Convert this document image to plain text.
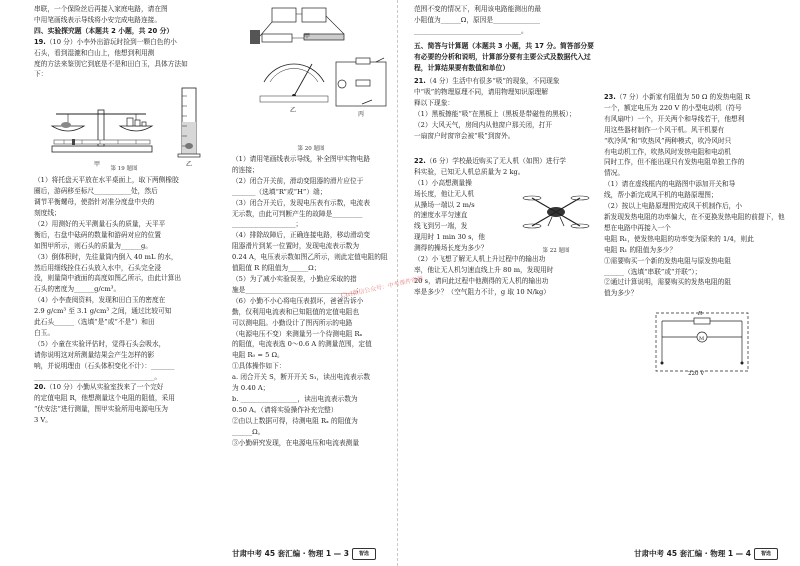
串联，一个保险丝后再接入家庭电路，请在图

中用笔画线表示导线将小安完成电路连接。

四、实验探究题（本题共 2 小题，共 20 分）

19.（10 分）小李外出游玩时捡到一颗白色的小

石头，看到湿漉和白山上，他想到利用测

度的方法来鉴别它到底是不是和田白玉，具体方法如

下：

甲	乙
第 19 题图

（1）将托盘天平放在水平桌面上，取下两侧橡胶

圈后，游码移至标尺___________处，然后

调节平衡螺母，使指针对准分度盘中央的

刻度线；

（2）用测好的天平测量石头的质量，天平平

衡后，右盘中砝码的数量和游码对应的位置

如图甲所示，则石头的质量为______g。

（3）倒体积时，先往量筒内倒入 40 mL 的水，

然后用细线拴住石头放入水中，石头完全浸

没，则量筒中液面的高度如图乙所示，由此计算出

石头的密度为______g/cm³。

（4）小李查阅资料，发现和田白玉的密度在

2.9 g/cm³ 至 3.1 g/cm³ 之间，通过比较可知

此石头______（选填“是”或“不是”）和田

白玉。

（5）小童在实验评估时，觉得石头会吸水，

请你说明这对所测量结果会产生怎样的影

响，并说明理由（石头体积变化不计）：_______

____________________________________。

20.（10 分）小勤从实验室找来了一个完好

的定值电阻 R，他想测量这个电阻的阻值，采用

“伏安法”进行测量，图甲实验所用电源电压为

3 V。

甲
乙
丙
第 20 题图

（1）请用笔画线表示导线，补全图甲实物电路

的连接；

（2）闭合开关前，滑动变阻器的滑片应位于

_______（选填“R”或“H”）端；

（3）闭合开关后，发现电压表有示数，电流表

无示数，由此可判断产生的故障是_________

___________________；

（4）排除故障后，正确连接电路，移动滑动变

阻器滑片到某一位置时，发现电流表示数为

0.24 A，电压表示数如图乙所示，则此定值电阻的阻

值阻值 R 的阻值为______Ω；

（5）为了减小实验误差，小勤应采取的措

施是_________________________________；

（6）小勤不小心将电压表损坏，爸爸告诉小

勤，仅利用电流表和已知阻值的定值电阻也

可以测电阻。小勤设计了图丙所示的电路

（电源电压不变）来测量另一个待测电阻 Rₓ

的阻值，电流表选 0～0.6 A 的测量范围，定值

电阻 R₀ = 5 Ω。

①具体操作如下：

a. 闭合开关 S，断开开关 S₁，读出电流表示数

为 0.40 A；

b. _________________，读出电流表示数为

0.50 A。（请将实验操作补充完整）

②由以上数据可得，待测电阻 Rₓ 的阻值为

______Ω。

③小勤研究发现，在电源电压和电流表测量

甘肃中考 45 套汇编 · 物理 1 — 3 智选

范围不变的情况下，利用该电路能测出的最

小阻值为______Ω，原因是______________

________________________________。

五、简答与计算题（本题共 3 小题，共 17 分。简答部分要有必要的分析和说明，计算部分要有主要公式及数据代入过程，计算结果要有数值和单位）

21.（4 分）生活中有很多“吸”的现象，不同现象

中“吸”的物理原理不同，请用物理知识原理解

释以下现象：

（1）黑板擦能“吸”在黑板上（黑板是带磁性的黑板）；

（2）大风天气，房间内从他窗户那关闭，打开

一扇窗户时窗帘会被“吸”到窗外。

22.（6 分）学校最近购买了无人机（如图）进行学

科实验，已知无人机总质量为 2 kg。

（1）小高想测量操

场长度，他让无人机

从操场一端以 2 m/s

的速度水平匀速直

线飞到另一端，发

现用时 1 min 30 s，他

测得的操场长度为多少？	第 22 题图

（2）小飞想了解无人机上升过程中的输出功

率，他让无人机匀速直线上升 80 m，发现用时

20 s，请问此过程中他测得的无人机的输出功

率是多少？（空气阻力不计，g 取 10 N/kg）

23.（7 分）小新家有阻值为 50 Ω 的发热电阻 R

一个，额定电压为 220 V 的小型电动机（符号

有风扇叶）一个，开关两个和导线若干，他想利

用这些器材制作一个风干机。风干机要有

“吹冷风”和“吹热风”两种模式，吹冷风时只

有电动机工作，吹热风时发热电阻和电动机

同时工作，但不能出现只有发热电阻单独工作的

情况。

（1）请在虚线框内的电路图中添加开关和导

线，帮小新完成风干机的电路原理图；

（2）按以上电路原理图完成风干机制作后，小

新发现发热电阻的功率偏大，在不更换发热电阻的前提下，他想在电路中再接入一个

电阻 R₁，使发热电阻的功率变为原来的 1/4，则此

电阻 R₁ 的阻值为多少？

①需要购买一个新的发热电阻与原发热电阻

______（选填“串联”或“并联”）；

②通过计算说明，需要购买的发热电阻的阻

值为多少？

R
M
220 V
甘肃中考 45 套汇编 · 物理 1 — 4 智选
Ctrl微信公众号：中考课件资源
